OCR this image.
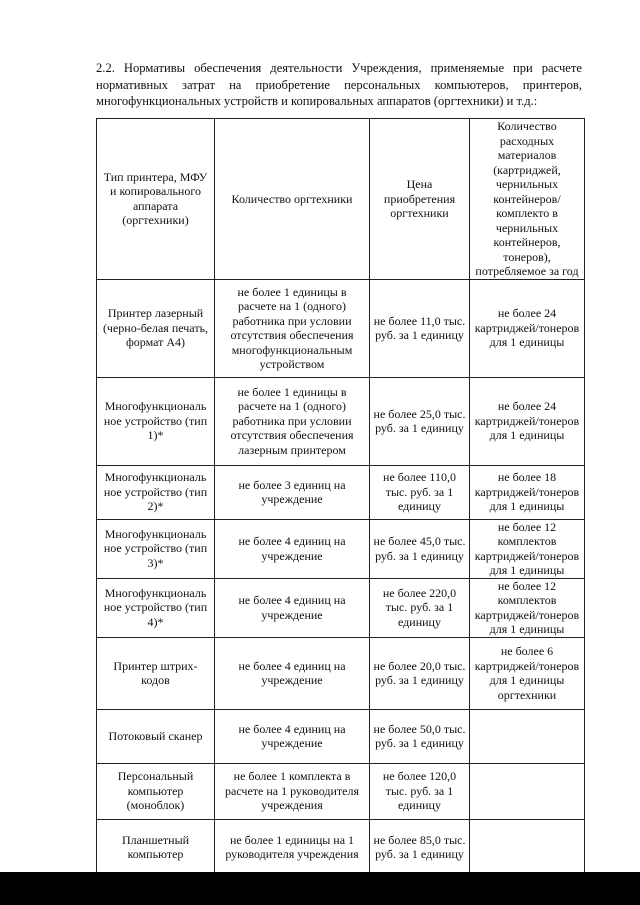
2.2. Нормативы обеспечения деятельности Учреждения, применяемые при расчете нормативных затрат на приобретение персональных компьютеров, принтеров, многофункциональных устройств и копировальных аппаратов (оргтехники) и т.д.:
Тип принтера, МФУ и копировального аппарата (оргтехники)	Количество оргтехники	Цена приобретения оргтехники	Количество расходных материалов (картриджей, чернильных контейнеров/комплекто в чернильных контейнеров, тонеров), потребляемое за год
Принтер лазерный (черно-белая печать, формат А4)	не более 1 единицы в расчете на 1 (одного) работника при условии отсутствия обеспечения многофункциональным устройством	не более 11,0 тыс. руб. за 1 единицу	не более 24 картриджей/тонеров для 1 единицы
Многофункциональ ное устройство (тип 1)*	не более 1 единицы в расчете на 1 (одного) работника при условии отсутствия обеспечения лазерным принтером	не более 25,0 тыс. руб. за 1 единицу	не более 24 картриджей/тонеров для 1 единицы
Многофункциональ ное устройство (тип 2)*	не более 3 единиц на учреждение	не более 110,0 тыс. руб. за 1 единицу	не более 18 картриджей/тонеров для 1 единицы
Многофункциональ ное устройство (тип 3)*	не более 4 единиц на учреждение	не более 45,0 тыс. руб. за 1 единицу	не более 12 комплектов картриджей/тонеров для 1 единицы
Многофункциональ ное устройство (тип 4)*	не более 4 единиц на учреждение	не более 220,0 тыс. руб. за 1 единицу	не более 12 комплектов картриджей/тонеров для 1 единицы
Принтер штрих-кодов	не более 4 единиц на учреждение	не более 20,0 тыс. руб. за 1 единицу	не более 6 картриджей/тонеров для 1 единицы оргтехники
Потоковый сканер	не более 4 единиц на учреждение	не более 50,0 тыс. руб. за 1 единицу	
Персональный компьютер (моноблок)	не более 1 комплекта в расчете на 1 руководителя учреждения	не более 120,0 тыс. руб. за 1 единицу	
Планшетный компьютер	не более 1 единицы на 1 руководителя учреждения	не более 85,0 тыс. руб. за 1 единицу	
